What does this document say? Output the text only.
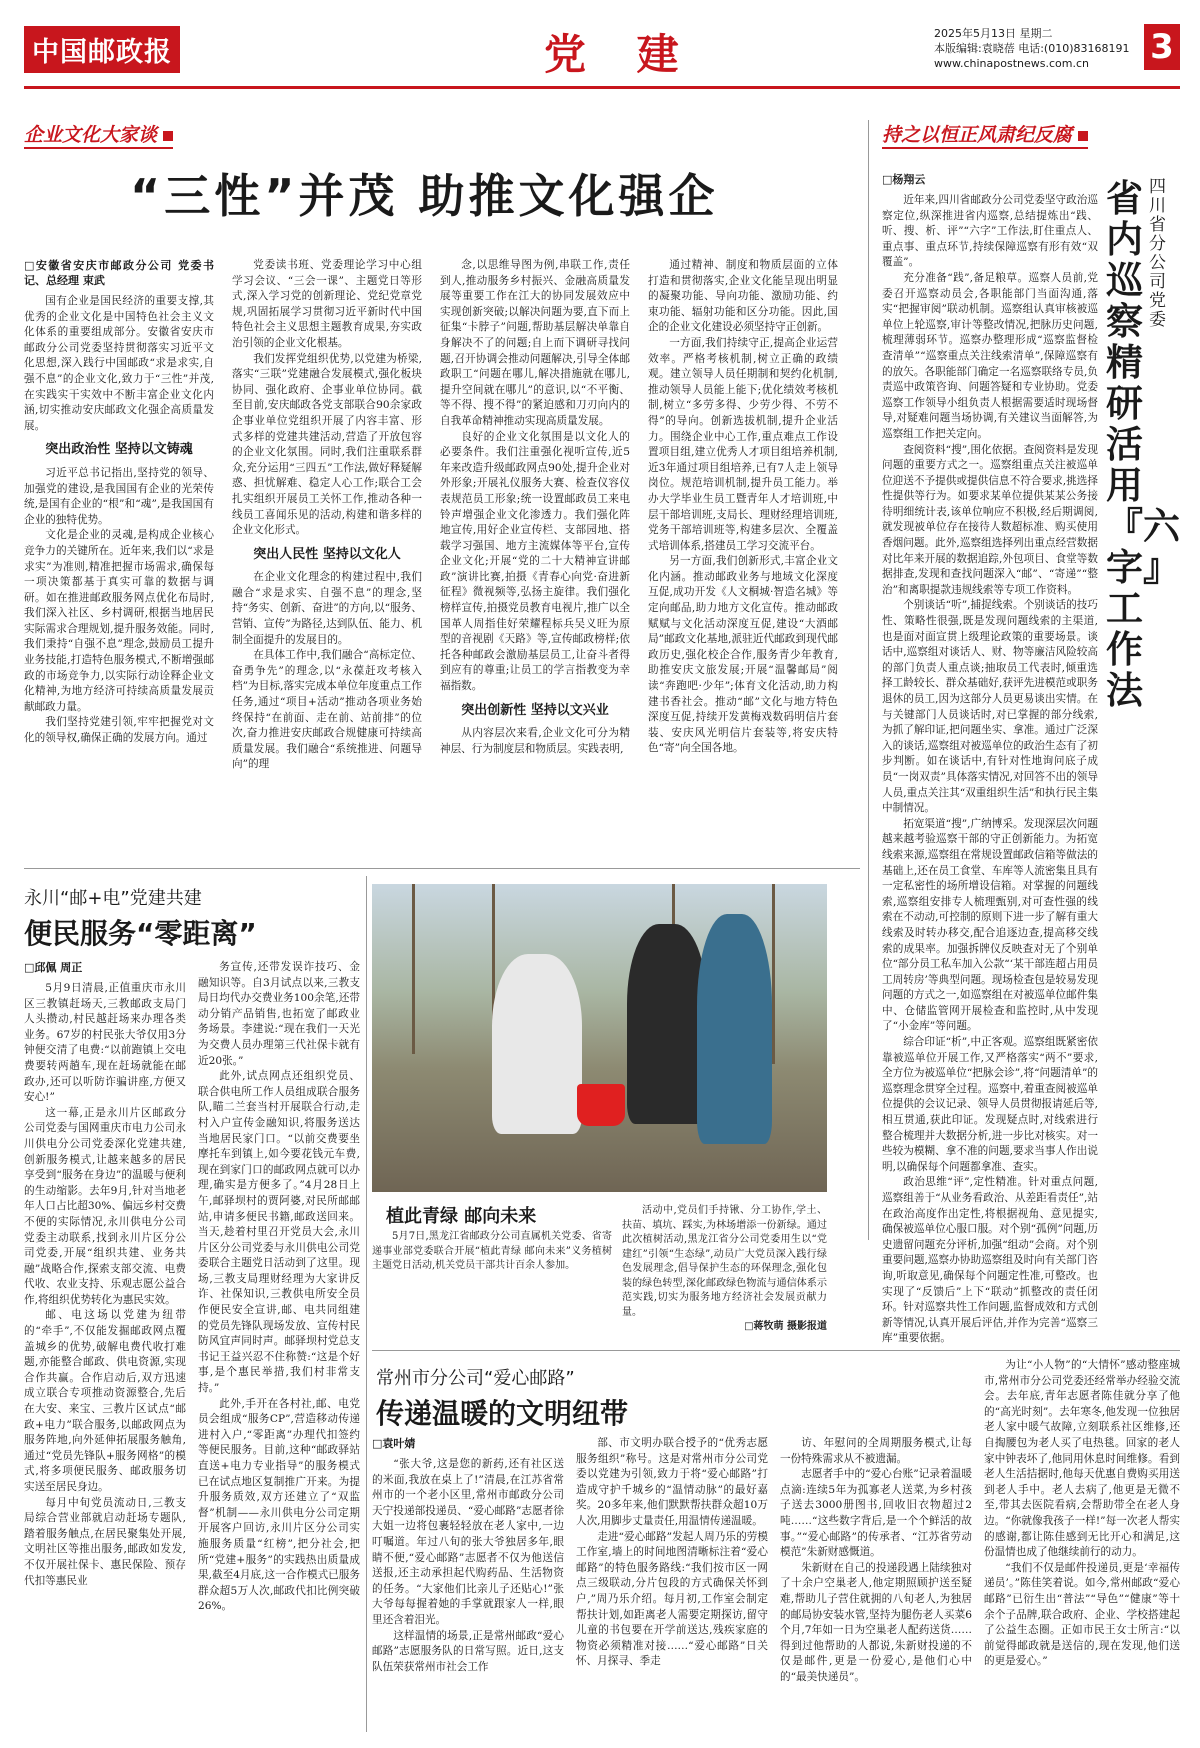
中国邮政报	党 建	2025年5月13日 星期二
本版编辑:袁晓蓓 电话:(010)83168191
www.chinapostnews.com.cn	3
企业文化大家谈
“三性”并茂 助推文化强企
□安徽省安庆市邮政分公司 党委书记、总经理 束武

国有企业是国民经济的重要支撑,其优秀的企业文化是中国特色社会主义文化体系的重要组成部分。安徽省安庆市邮政分公司党委坚持贯彻落实习近平文化思想,深入践行中国邮政“求是求实,自强不息”的企业文化,致力于“三性”并茂,在实践实干实效中不断丰富企业文化内涵,切实推动安庆邮政文化强企高质量发展。

突出政治性 坚持以文铸魂

习近平总书记指出,坚持党的领导、加强党的建设,是我国国有企业的光荣传统,是国有企业的“根”和“魂”,是我国国有企业的独特优势。

文化是企业的灵魂,是构成企业核心竞争力的关键所在。近年来,我们以“求是求实”为准则,精准把握市场需求,确保每一项决策都基于真实可靠的数据与调研。如在推进邮政服务网点优化布局时,我们深入社区、乡村调研,根据当地居民实际需求合理规划,提升服务效能。同时,我们秉持“自强不息”理念,鼓励员工提升业务技能,打造特色服务模式,不断增强邮政的市场竞争力,以实际行动诠释企业文化精神,为地方经济可持续高质量发展贡献邮政力量。

我们坚持党建引领,牢牢把握党对文化的领导权,确保正确的发展方向。通过

党委读书班、党委理论学习中心组学习会议、“三会一课”、主题党日等形式,深入学习党的创新理论、党纪党章党规,巩固拓展学习贯彻习近平新时代中国特色社会主义思想主题教育成果,夯实政治引领的企业文化根基。

我们发挥党组织优势,以党建为桥梁,落实“三联”党建融合发展模式,强化板块协同、强化政府、企事业单位协同。截至目前,安庆邮政各党支部联合90余家政企事业单位党组织开展了内容丰富、形式多样的党建共建活动,营造了开放包容的企业文化氛围。同时,我们注重联系群众,充分运用“三四五”工作法,做好释疑解惑、担忧解难、稳定人心工作;联合工会扎实组织开展员工关怀工作,推动各种一线员工喜闻乐见的活动,构建和谐多样的企业文化形式。

突出人民性 坚持以文化人

在企业文化理念的构建过程中,我们融合“求是求实、自强不息”的理念,坚持“务实、创新、奋进”的方向,以“服务、营销、宣传”为路径,达到队伍、能力、机制全面提升的发展目的。

在具体工作中,我们融合“高标定位、奋勇争先”的理念,以“永葆赶攻考核入档”为目标,落实完成本单位年度重点工作任务,通过“项目+活动”推动各项业务始终保持“在前面、走在前、站前排”的位次,奋力推进安庆邮政合规健康可持续高质量发展。我们融合“系统推进、问题导向”的理

念,以思维导图为例,串联工作,责任到人,推动服务乡村振兴、金融高质量发展等重要工作在江大的协同发展效应中实现创新突破;以解决问题为要,直下而上征集“卡脖子”问题,帮助基层解决单靠自身解决不了的问题;自上而下调研寻找问题,召开协调会推动问题解决,引导全体邮政职工“问题在哪儿,解决措施就在哪儿,提升空间就在哪儿”的意识,以“不平衡、等不得、搜不得”的紧迫感和刀刃向内的自我革命精神推动实现高质量发展。

良好的企业文化氛围是以文化人的必要条件。我们注重强化视听宣传,近5年来改造升级邮政网点90处,提升企业对外形象;开展礼仪服务大赛、检查仪容仪表规范员工形象;统一设置邮政员工来电铃声增强企业文化渗透力。我们强化阵地宣传,用好企业宣传栏、支部园地、搭载学习强国、地方主流媒体等平台,宣传企业文化;开展“党的二十大精神宣讲邮政”演讲比赛,拍摄《青春心向党·奋进新征程》微视频等,弘扬主旋律。我们强化榜样宣传,拍摄党员教育电视片,推广以全国革人周指佳好荣耀程标兵吴义旺为原型的音视剧《天路》等,宣传邮政榜样;依托各种邮政会激励基层员工,让奋斗者得到应有的尊重;让员工的学言指教变为幸福指数。

突出创新性 坚持以文兴业

从内容层次来看,企业文化可分为精神层、行为制度层和物质层。实践表明,

通过精神、制度和物质层面的立体打造和贯彻落实,企业文化能呈现出明显的凝聚功能、导向功能、激励功能、约束功能、辐射功能和区分功能。因此,国企的企业文化建设必须坚持守正创新。

一方面,我们持续守正,提高企业运营效率。严格考核机制,树立正确的政绩观。建立领导人员任期制和契约化机制,推动领导人员能上能下;优化绩效考核机制,树立“多劳多得、少劳少得、不劳不得”的导向。创新选拔机制,提升企业活力。围绕企业中心工作,重点难点工作设置项目组,建立优秀人才项目组培养机制,近3年通过项目组培养,已有7人走上领导岗位。规范培训机制,提升员工能力。举办大学毕业生员工暨青年人才培训班,中层干部培训班,支局长、理财经理培训班,党务干部培训班等,构建多层次、全覆盖式培训体系,搭建员工学习交流平台。

另一方面,我们创新形式,丰富企业文化内涵。推动邮政业务与地域文化深度互促,成功开发《人文桐城·智造名城》等定向邮品,助力地方文化宣传。推动邮政赋赋与文化活动深度互促,建设“大酒邮局”邮政文化基地,派驻近代邮政到现代邮政历史,强化校企合作,服务青少年教育,助推安庆文旅发展;开展“温馨邮局”阅读“奔跑吧·少年”;体育文化活动,助力构建书香社会。推动“邮”文化与地方特色深度互促,持续开发黄梅戏数码明信片套装、安庆风光明信片套装等,将安庆特色“寄”向全国各地。

持之以恒正风肃纪反腐
四川省分公司党委
省内巡察精研活用『六字』工作法
□杨翔云

近年来,四川省邮政分公司党委坚守政治巡察定位,纵深推进省内巡察,总结提炼出“践、听、搜、析、评”“六字”工作法,盯住重点人、重点事、重点环节,持续保障巡察有形有效“双覆盖”。

充分准备“践”,备足粮草。巡察人员前,党委召开巡察动员会,各职能部门当面沟通,落实“把握审阅”联动机制。巡察组认真审核被巡单位上轮巡察,审计等整改情况,把脉历史问题,梳理薄弱环节。巡察办整理形成“巡察监督检查清单”“巡察重点关注线索清单”,保障巡察有的放矢。各职能部门确定一名巡察联络专员,负责巡中政策咨询、问题答疑和专业协助。党委巡察工作领导小组负责人根据需要适时现场督导,对疑难问题当场协调,有关建议当面解答,为巡察组工作把关定向。

查阅资料“搜”,围化依据。查阅资料是发现问题的重要方式之一。巡察组重点关注被巡单位迎送不予提供或提供信息不符合要求,挑选择性提供等行为。如要求某单位提供某某公务接待明细统计表,该单位响应不积极,经后期调阅,就发现被单位存在接待人数超标准、购买使用香烟问题。此外,巡察组选择列出重点经营数据对比年来开展的数据追踪,外包项目、食堂等数据排查,发现和查找问题深入“邮”、“寄递”“整治”和离职提款违规线索等专项工作资料。

个别谈话“听”,捕捉线索。个别谈话的技巧性、策略性很强,既是发现问题线索的主渠道,也是面对面宣贯上级理论政策的重要场景。谈话中,巡察组对谈话人、财、物等廉洁风险较高的部门负责人重点谈;抽取员工代表时,倾重选择工龄较长、群众基础好,获评先进模范或职务退休的员工,因为这部分人员更易谈出实情。在与关键部门人员谈话时,对已掌握的部分线索,为抓了解印证,把问题坐实、拿准。通过广泛深入的谈话,巡察组对被巡单位的政治生态有了初步判断。如在谈话中,有针对性地询问底子成员“一岗双责”具体落实情况,对回答不出的领导人员,重点关注其“双重组织生活”和执行民主集中制情况。

拓宽渠道“搜”,广纳博采。发现深层次问题越来越考验巡察干部的守正创新能力。为拓宽线索来源,巡察组在常规设置邮政信箱等做法的基础上,还在员工食堂、车库等人流密集且具有一定私密性的场所增设信箱。对掌握的问题线索,巡察组安排专人梳理甄别,对可查性强的线索在不动动,可控制的原则下进一步了解有重大线索及时转办移交,配合追逐边查,提高移交线索的成果率。加强拆牌仪反映查对无了个别单位“部分员工私车加入公款“‘某干部连超占用员工周转房’等典型问题。现场检查包是较易发现问题的方式之一,如巡察组在对被巡单位邮件集中、仓储监管网开展检查和监控时,从中发现了“小金库”等问题。

综合印证“析”,中正客观。巡察组既紧密依靠被巡单位开展工作,又严格落实“两不”要求,全方位为被巡单位“把脉会诊”,将“问题清单”的巡察理念贯穿全过程。巡察中,着重查阅被巡单位提供的会议记录、领导人员贯彻报请延后等,相互贯通,获此印证。发现疑点时,对线索进行整合梳理并大数据分析,进一步比对核实。对一些较为模糊、拿不准的问题,要求当事人作出说明,以确保每个问题都拿准、查实。

政治思维“评”,定性精准。针对重点问题,巡察组善于“从业务看政治、从差距看责任”,站在政治高度作出定性,将根据视角、意见提实,确保被巡单位心服口服。对个别“孤例”问题,历史遗留问题充分评析,加强“组动”会商。对个别重要问题,巡察办协助巡察组及时向有关部门咨询,听取意见,确保每个问题定性准,可整改。也实现了“反馈后”上下“联动”抓整改的责任闭环。针对巡察共性工作问题,监督成效和方式创新等情况,认真开展后评估,并作为完善“巡察三库”重要依据。

永川“邮+电”党建共建
便民服务“零距离”
□邱佩 周正

5月9日清晨,正值重庆市永川区三教镇赶场天,三教邮政支局门人头攒动,村民越赶场来办理各类业务。67岁的村民张大爷仅用3分钟便交清了电费:“以前跑镇上交电费要转两趟车,现在赶场就能在邮政办,还可以听防诈骗讲座,方便又安心!”

这一幕,正是永川片区邮政分公司党委与国网重庆市电力公司永川供电分公司党委深化党建共建,创新服务模式,让越来越多的居民享受到“服务在身边”的温暖与便利的生动缩影。去年9月,针对当地老年人口占比超30%、偏远乡村交费不便的实际情况,永川供电分公司党委主动联系,找到永川片区分公司党委,开展“组织共建、业务共融”战略合作,探索支部交流、电费代收、农业支持、乐观志愿公益合作,将组织优势转化为惠民实效。

邮、电这场以党建为纽带的“牵手”,不仅能发掘邮政网点覆盖城乡的优势,破解电费代收打难题,亦能整合邮政、供电资源,实现合作共赢。合作启动后,双方迅速成立联合专项推动资源整合,先后在大安、来宝、三教片区试点“邮政+电力”联合服务,以邮政网点为服务阵地,向外延伸拓展服务触角,通过“党员先锋队+服务网格”的模式,将多项便民服务、邮政服务切实送至居民身边。

每月中旬党员流动日,三教支局综合营业部就启动赶场专题队,踏着服务触点,在居民聚集处开展,文明社区等推出服务,邮政如发发,不仅开展社保卡、惠民保险、预存代扣等惠民业

务宣传,还带发误诈技巧、金融知识等。自3月试点以来,三教支局日均代办交费业务100余笔,还带动分销产品销售,也拓宽了邮政业务场景。李建说:“现在我们一天光为交费人员办理第三代社保卡就有近20张。”

此外,试点网点还组织党员、联合供电所工作人员组成联合服务队,瞄二兰套当村开展联合行动,走村入户宣传金融知识,将服务送达当地居民家门口。“以前交费要坐摩托车到镇上,如今要花钱元车费,现在到家门口的邮政网点就可以办理,确实是方便多了。”4月28日上午,邮驿坝村的贾阿婆,对民所邮邮站,申请多便民书籍,邮政送回来。当天,趁着村里召开党员大会,永川片区分公司党委与永川供电公司党委联合主题党日活动到了这里。现场,三教支局理财经理为大家讲反诈、社保知识,三教供电所安全员作便民安全宣讲,邮、电共同组建的党员先锋队现场发放、宣传村民防风宜声同时声。邮驿坝村党总支书记王益兴忍不住称赞:“这是个好事,是个惠民举措,我们村非常支持。”

此外,手开在各村社,邮、电党员会组成“服务CP”,营造移动传递进村入户,“零距离”办理代扣签约等便民服务。目前,这种“邮政驿站直送+电力专业指导”的服务模式已在试点地区复制推广开来。为提升服务质效,双方还建立了“双监督”机制——永川供电分公司定期开展客户回访,永川片区分公司实施服务质量“红榜”,把分社会,把所“党建+服务”的实践热出质量成果,截至4月底,这一合作模式已服务群众超5万人次,邮政代扣比例突破26%。

植此青绿 邮向未来

5月7日,黑龙江省邮政分公司直属机关党委、省寄递事业部党委联合开展“植此青绿 邮向未来”义务植树主题党日活动,机关党员干部共计百余人参加。

活动中,党员们手持锹、分工协作,学土、扶苗、填坑、踩实,为林场增添一份新绿。通过此次植树活动,黑龙江省分公司党委用生以“党建红”引领“生态绿”,动员广大党员深入践行绿色发展理念,倡导保护生态的环保理念,强化包装的绿色转型,深化邮政绿色物流与通信体系示范实践,切实为服务地方经济社会发展贡献力量。

□蒋牧萌 摄影报道
常州市分公司“爱心邮路”
传递温暖的文明纽带
□袁叶婧

“张大爷,这是您的新药,还有社区送的米面,我放在桌上了!”清晨,在江苏省常州市的一个老小区里,常州市邮政分公司天宁投递部投递员、“爱心邮路”志愿者徐大姐一边将包裹轻轻放在老人家中,一边叮嘱道。年过八旬的张大爷独居多年,眼睛不便,“爱心邮路”志愿者不仅为他送信送报,还主动承担起代购药品、生活物资的任务。“大家他们比亲儿子还贴心!”张大爷每每握着她的手掌就跟家人一样,眼里还含着泪光。

这样温情的场景,正是常州邮政“爱心邮路”志愿服务队的日常写照。近日,这支队伍荣获常州市社会工作

部、市文明办联合授予的“优秀志愿服务组织”称号。这是对常州市分公司党委以党建为引领,致力于将“爱心邮路”打造成守护千城乡的“温情动脉”的最好嘉奖。20多年来,他们默默帮扶群众超10万人次,用脚步丈量责任,用温情传递温暖。

走进“爱心邮路”发起人周乃乐的劳模工作室,墙上的时间地图清晰标注着“爱心邮路”的特色服务路线:“我们按市区一网点三级联动,分片包段的方式确保关怀到户,”周乃乐介绍。每月初,工作室会制定帮扶计划,如距离老人需要定期探访,留守儿童的书包要在开学前送达,残疾家庭的物资必须精准对接……“爱心邮路”日关怀、月探寻、季走

访、年慰问的全周期服务模式,让每一份特殊需求从不被遗漏。

志愿者手中的“爱心台账”记录着温暖点滴:连续5年为孤寡老人送菜,为乡村孩子送去3000册图书,回收旧衣物超过2吨……“这些数字背后,是一个个鲜活的故事。”“爱心邮路”的传承者、“江苏省劳动模范”朱新财感慨道。

朱新财在自己的投递段遇上陆续独对了十余户空巢老人,他定期照顾护送至疑难,帮助儿子营住就拥的八旬老人,为独居的邮局协安装水管,坚持为腿伤老人买菜6个月,7年如一日为空巢老人配药送货……得到过他帮助的人都说,朱新财投递的不仅是邮件,更是一份爱心,是他们心中的“最美快递员”。

为让“小人物”的“大情怀”感动整座城市,常州市分公司党委还经常举办经验交流会。去年底,青年志愿者陈佳就分享了他的“高光时刻”。去年寒冬,他发现一位独居老人家中暖气故障,立刻联系社区维修,还自掏腰包为老人买了电热毯。回家的老人家中钟表坏了,他同用休息时间维修。看到老人生活拮据时,他每天优惠自费购买用送到老人手中。老人去病了,他更是无微不至,带其去医院看病,会帮助带全在老人身边。“你就像我孩子一样!”每一次老人帮实的感谢,都让陈佳感到无比开心和满足,这份温情也成了他继续前行的动力。

“我们不仅是邮件投递员,更是‘幸福传递员’。”陈佳笑着说。如今,常州邮政“爱心邮路”已衍生出“普法”“导色”“健康”等十余个子品牌,联合政府、企业、学校搭建起了公益生态圈。正如市民王女士所言:“以前觉得邮政就是送信的,现在发现,他们送的更是爱心。”
